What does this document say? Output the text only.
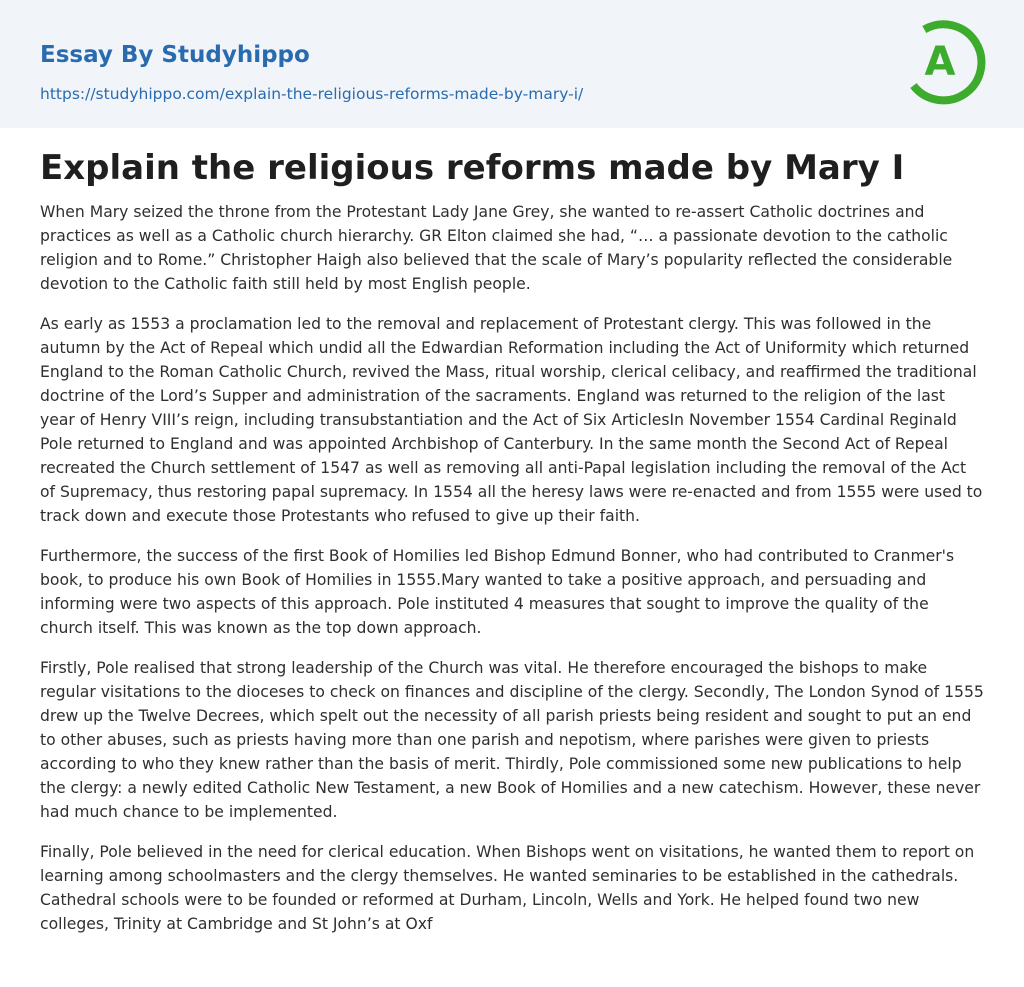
Essay By Studyhippo
https://studyhippo.com/explain-the-religious-reforms-made-by-mary-i/
A
Explain the religious reforms made by Mary I

When Mary seized the throne from the Protestant Lady Jane Grey, she wanted to re-assert Catholic doctrines and practices as well as a Catholic church hierarchy. GR Elton claimed she had, “… a passionate devotion to the catholic religion and to Rome.” Christopher Haigh also believed that the scale of Mary’s popularity reflected the considerable devotion to the Catholic faith still held by most English people.

As early as 1553 a proclamation led to the removal and replacement of Protestant clergy. This was followed in the autumn by the Act of Repeal which undid all the Edwardian Reformation including the Act of Uniformity which returned England to the Roman Catholic Church, revived the Mass, ritual worship, clerical celibacy, and reaffirmed the traditional doctrine of the Lord’s Supper and administration of the sacraments. England was returned to the religion of the last year of Henry VIII’s reign, including transubstantiation and the Act of Six ArticlesIn November 1554 Cardinal Reginald Pole returned to England and was appointed Archbishop of Canterbury. In the same month the Second Act of Repeal recreated the Church settlement of 1547 as well as removing all anti-Papal legislation including the removal of the Act of Supremacy, thus restoring papal supremacy. In 1554 all the heresy laws were re-enacted and from 1555 were used to track down and execute those Protestants who refused to give up their faith.

Furthermore, the success of the first Book of Homilies led Bishop Edmund Bonner, who had contributed to Cranmer's book, to produce his own Book of Homilies in 1555.Mary wanted to take a positive approach, and persuading and informing were two aspects of this approach. Pole instituted 4 measures that sought to improve the quality of the church itself. This was known as the top down approach.

Firstly, Pole realised that strong leadership of the Church was vital. He therefore encouraged the bishops to make regular visitations to the dioceses to check on finances and discipline of the clergy. Secondly, The London Synod of 1555 drew up the Twelve Decrees, which spelt out the necessity of all parish priests being resident and sought to put an end to other abuses, such as priests having more than one parish and nepotism, where parishes were given to priests according to who they knew rather than the basis of merit. Thirdly, Pole commissioned some new publications to help the clergy: a newly edited Catholic New Testament, a new Book of Homilies and a new catechism. However, these never had much chance to be implemented.

Finally, Pole believed in the need for clerical education. When Bishops went on visitations, he wanted them to report on learning among schoolmasters and the clergy themselves. He wanted seminaries to be established in the cathedrals. Cathedral schools were to be founded or reformed at Durham, Lincoln, Wells and York. He helped found two new colleges, Trinity at Cambridge and St John’s at Oxf
